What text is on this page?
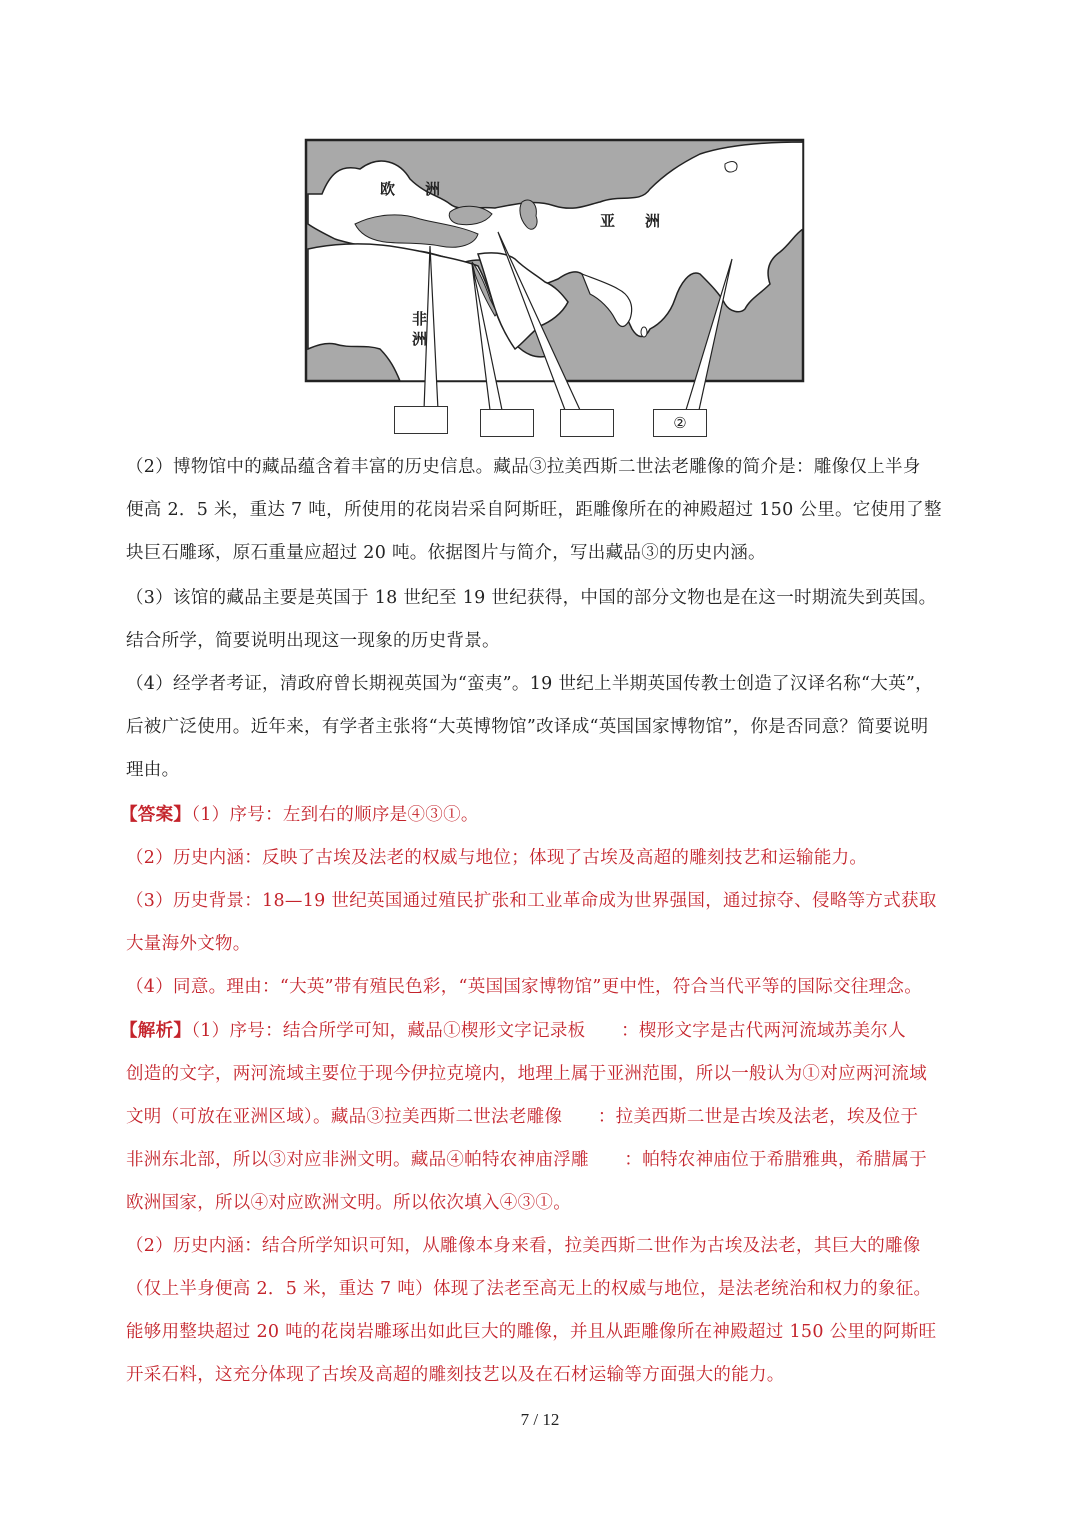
欧　　洲
亚　　洲
非
洲
②
（2）博物馆中的藏品蕴含着丰富的历史信息。藏品③拉美西斯二世法老雕像的简介是：雕像仅上半身
便高 2．5 米，重达 7 吨，所使用的花岗岩采自阿斯旺，距雕像所在的神殿超过 150 公里。它使用了整
块巨石雕琢，原石重量应超过 20 吨。依据图片与简介，写出藏品③的历史内涵。
（3）该馆的藏品主要是英国于 18 世纪至 19 世纪获得，中国的部分文物也是在这一时期流失到英国。
结合所学，简要说明出现这一现象的历史背景。
（4）经学者考证，清政府曾长期视英国为“蛮夷”。19 世纪上半期英国传教士创造了汉译名称“大英”，
后被广泛使用。近年来，有学者主张将“大英博物馆”改译成“英国国家博物馆”，你是否同意？简要说明
理由。
【答案】（1）序号：左到右的顺序是④③①。
（2）历史内涵：反映了古埃及法老的权威与地位；体现了古埃及高超的雕刻技艺和运输能力。
（3）历史背景：18—19 世纪英国通过殖民扩张和工业革命成为世界强国，通过掠夺、侵略等方式获取
大量海外文物。
（4）同意。理由：“大英”带有殖民色彩，“英国国家博物馆”更中性，符合当代平等的国际交往理念。
【解析】（1）序号：结合所学可知，藏品①楔形文字记录板　　：楔形文字是古代两河流域苏美尔人
创造的文字，两河流域主要位于现今伊拉克境内，地理上属于亚洲范围，所以一般认为①对应两河流域
文明（可放在亚洲区域）。藏品③拉美西斯二世法老雕像　　：拉美西斯二世是古埃及法老，埃及位于
非洲东北部，所以③对应非洲文明。藏品④帕特农神庙浮雕　　：帕特农神庙位于希腊雅典，希腊属于
欧洲国家，所以④对应欧洲文明。所以依次填入④③①。
（2）历史内涵：结合所学知识可知，从雕像本身来看，拉美西斯二世作为古埃及法老，其巨大的雕像
（仅上半身便高 2．5 米，重达 7 吨）体现了法老至高无上的权威与地位，是法老统治和权力的象征。
能够用整块超过 20 吨的花岗岩雕琢出如此巨大的雕像，并且从距雕像所在神殿超过 150 公里的阿斯旺
开采石料，这充分体现了古埃及高超的雕刻技艺以及在石材运输等方面强大的能力。
7 / 12
